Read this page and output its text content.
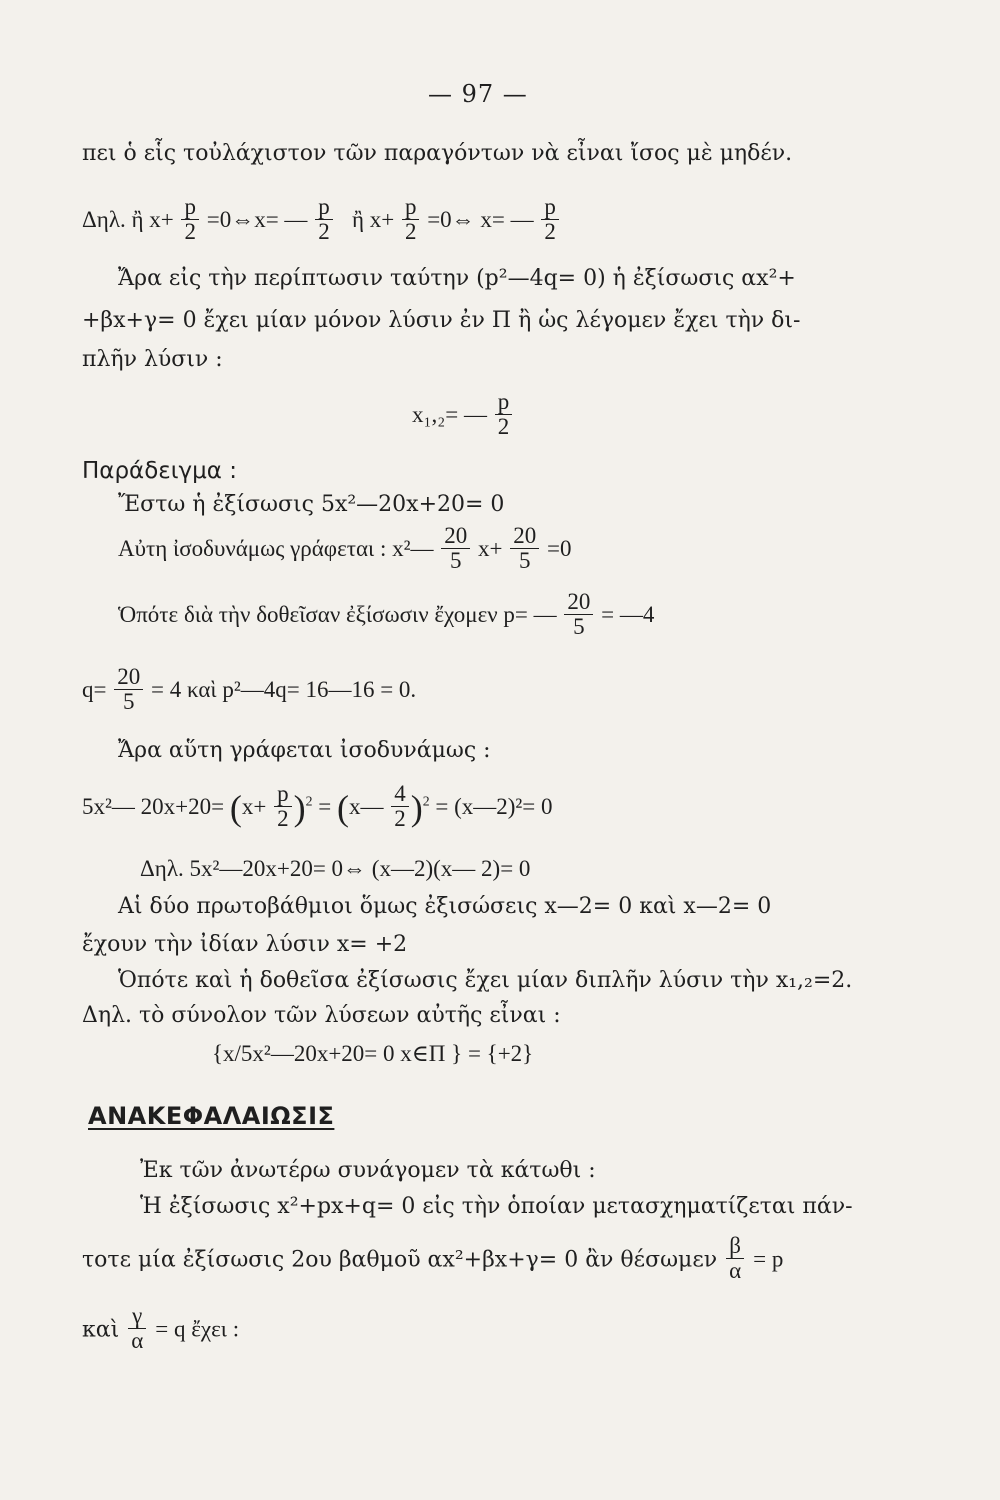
— 97 —
πει ὁ εἷς τοὐλάχιστον τῶν παραγόντων νὰ εἶναι ἴσος μὲ μηδέν.
Δηλ. ἢ $x+ \frac{p}{2}$ =0⇔x= — $\frac{p}{2}$ ἢ $x+ \frac{p}{2}$ =0⇔ x= — $\frac{p}{2}$
Ἄρα εἰς τὴν περίπτωσιν ταύτην (p²—4q= 0) ἡ ἐξίσωσις αx²+
+βx+γ= 0 ἔχει μίαν μόνον λύσιν ἐν Π ἢ ὡς λέγομεν ἔχει τὴν δι-
πλῆν λύσιν :
x₁,₂= — $\frac{p}{2}$
Παράδειγμα :
Ἔστω ἡ ἐξίσωσις 5x²—20x+20= 0
Αὐτη ἰσοδυνάμως γράφεται : x²— $\frac{20}{5} x+ \frac{20}{5} =0$
Ὁπότε διὰ τὴν δοθεῖσαν ἐξίσωσιν ἔχομεν p= — $\frac{20}{5}$ = —4
$q= \frac{20}{5} = 4$ καὶ p²—4q= 16—16 = 0.
Ἄρα αὕτη γράφεται ἰσοδυνάμως :
5x²— $20x+20= (x+ \frac{p}{2} )^2$ = (x— $\frac{4}{2} )^2$ = (x—2)²= 0
Δηλ. 5x²—20x+20= 0⇔ (x—2)(x— 2)= 0
Αἱ δύο πρωτοβάθμιοι ὅμως ἐξισώσεις x—2= 0 καὶ x—2= 0
ἔχουν τὴν ἰδίαν λύσιν x= +2
Ὁπότε καὶ ἡ δοθεῖσα ἐξίσωσις ἔχει μίαν διπλῆν λύσιν τὴν x₁,₂=2.
Δηλ. τὸ σύνολον τῶν λύσεων αὐτῆς εἶναι :
{x/5x²—20x+20= 0 x∈Π } = {+2}
ΑΝΑΚΕΦΑΛΑΙΩΣΙΣ
Ἐκ τῶν ἀνωτέρω συνάγομεν τὰ κάτωθι :
Ἡ ἐξίσωσις x²+px+q= 0 εἰς τὴν ὁποίαν μετασχηματίζεται πάν-
τοτε μία ἐξίσωσις 2ου βαθμοῦ αx²+βx+γ= 0 ἂν θέσωμεν $\frac{\beta}{\alpha} = p$
καὶ $\frac{\gamma}{\alpha} = q$ ἔχει :
